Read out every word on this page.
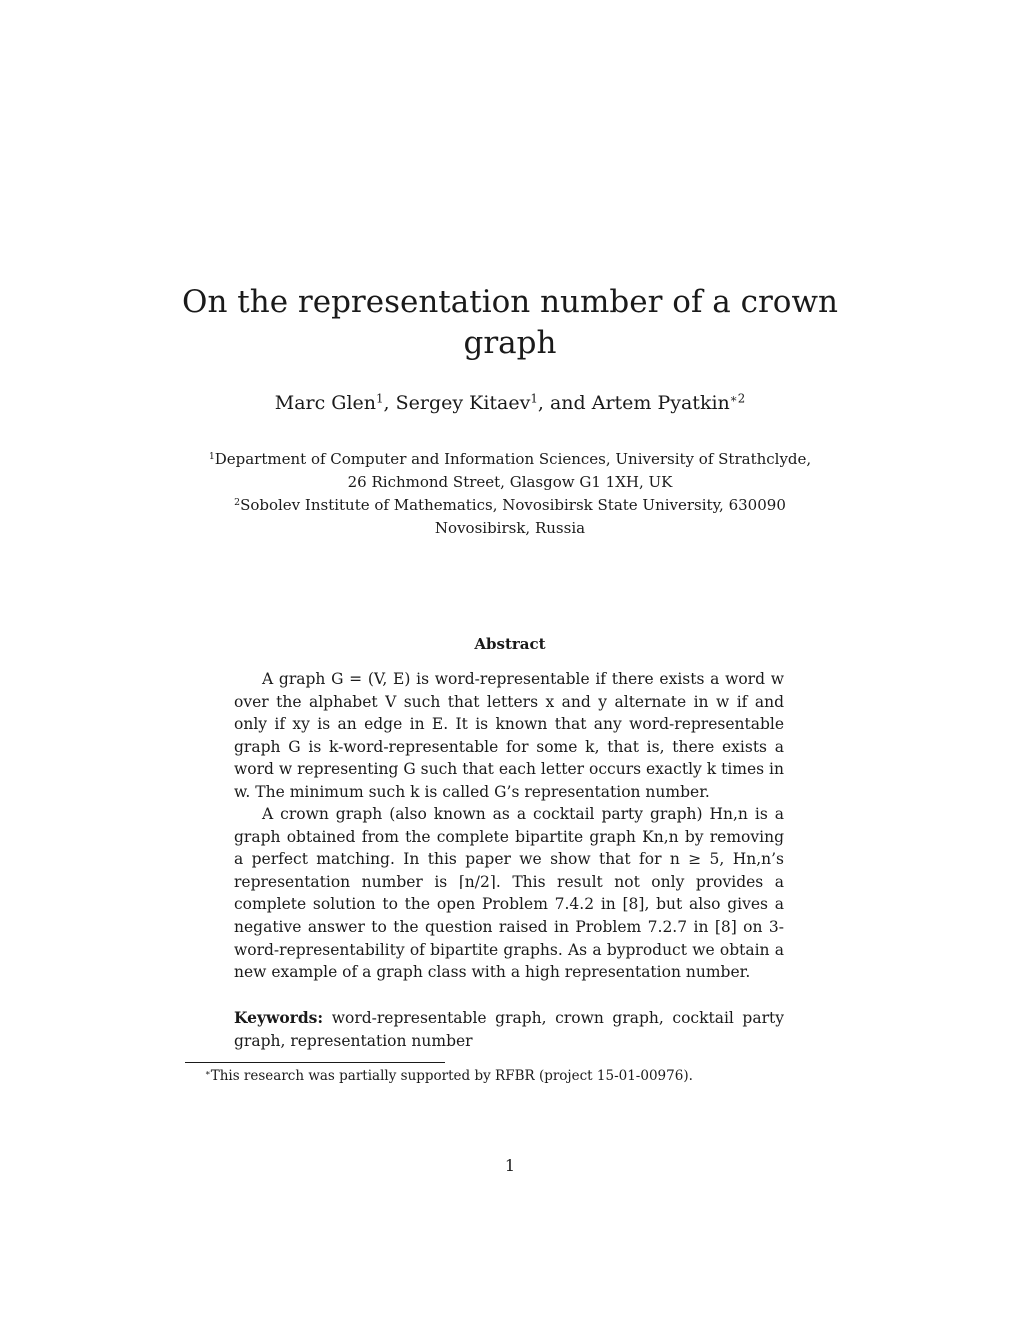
On the representation number of a crown
graph
Marc Glen$^1$, Sergey Kitaev$^1$, and Artem Pyatkin$^{∗2}$
$^1$Department of Computer and Information Sciences, University of Strathclyde,
26 Richmond Street, Glasgow G1 1XH, UK
$^2$Sobolev Institute of Mathematics, Novosibirsk State University, 630090
Novosibirsk, Russia
Abstract

A graph G = (V, E) is word-representable if there exists a word w over the alphabet V such that letters x and y alternate in w if and only if xy is an edge in E. It is known that any word-representable graph G is k-word-representable for some k, that is, there exists a word w representing G such that each letter occurs exactly k times in w. The minimum such k is called G’s representation number.

A crown graph (also known as a cocktail party graph) Hn,n is a graph obtained from the complete bipartite graph Kn,n by removing a perfect matching. In this paper we show that for n ≥ 5, Hn,n’s representation number is ⌈n/2⌉. This result not only provides a complete solution to the open Problem 7.4.2 in [8], but also gives a negative answer to the question raised in Problem 7.2.7 in [8] on 3-word-representability of bipartite graphs. As a byproduct we obtain a new example of a graph class with a high representation number.

Keywords: word-representable graph, crown graph, cocktail party graph, representation number

∗This research was partially supported by RFBR (project 15-01-00976).
1
